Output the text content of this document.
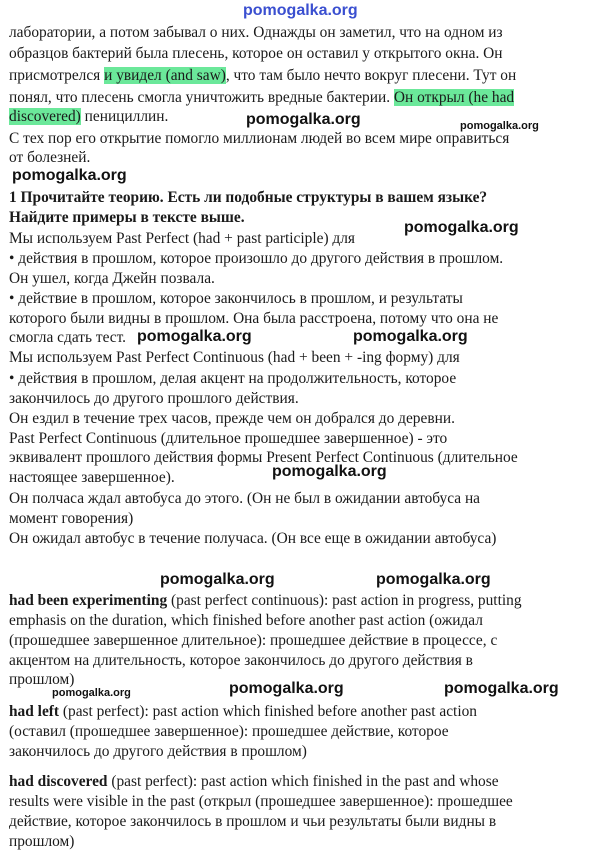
лаборатории, а потом забывал о них. Однажды он заметил, что на одном из
образцов бактерий была плесень, которое он оставил у открытого окна. Он
присмотрелся и увидел (and saw), что там было нечто вокруг плесени. Тут он
понял, что плесень смогла уничтожить вредные бактерии. Он открыл (he had
discovered) пенициллин.
С тех пор его открытие помогло миллионам людей во всем мире оправиться
от болезней.
1 Прочитайте теорию. Есть ли подобные структуры в вашем языке?
Найдите примеры в тексте выше.
Мы используем Past Perfect (had + past participle) для
• действия в прошлом, которое произошло до другого действия в прошлом.
Он ушел, когда Джейн позвала.
• действие в прошлом, которое закончилось в прошлом, и результаты
которого были видны в прошлом. Она была расстроена, потому что она не
смогла сдать тест.
Мы используем Past Perfect Continuous (had + been + -ing форму) для
• действия в прошлом, делая акцент на продолжительность, которое
закончилось до другого прошлого действия.
Он ездил в течение трех часов, прежде чем он добрался до деревни.
Past Perfect Continuous (длительное прошедшее завершенное) - это
эквивалент прошлого действия формы Present Perfect Continuous (длительное
настоящее завершенное).
Он полчаса ждал автобуса до этого. (Он не был в ожидании автобуса на
момент говорения)
Он ожидал автобус в течение получаса. (Он все еще в ожидании автобуса)
had been experimenting (past perfect continuous): past action in progress, putting
emphasis on the duration, which finished before another past action (ожидал
(прошедшее завершенное длительное): прошедшее действие в процессе, с
акцентом на длительность, которое закончилось до другого действия в
прошлом)
had left (past perfect): past action which finished before another past action
(оставил (прошедшее завершенное): прошедшее действие, которое
закончилось до другого действия в прошлом)
had discovered (past perfect): past action which finished in the past and whose
results were visible in the past (открыл (прошедшее завершенное): прошедшее
действие, которое закончилось в прошлом и чьи результаты были видны в
прошлом)
pomogalka.org
pomogalka.org	pomogalka.org
pomogalka.org
pomogalka.org
pomogalka.org	pomogalka.org
pomogalka.org
pomogalka.org	pomogalka.org
pomogalka.org	pomogalka.org
pomogalka.org
